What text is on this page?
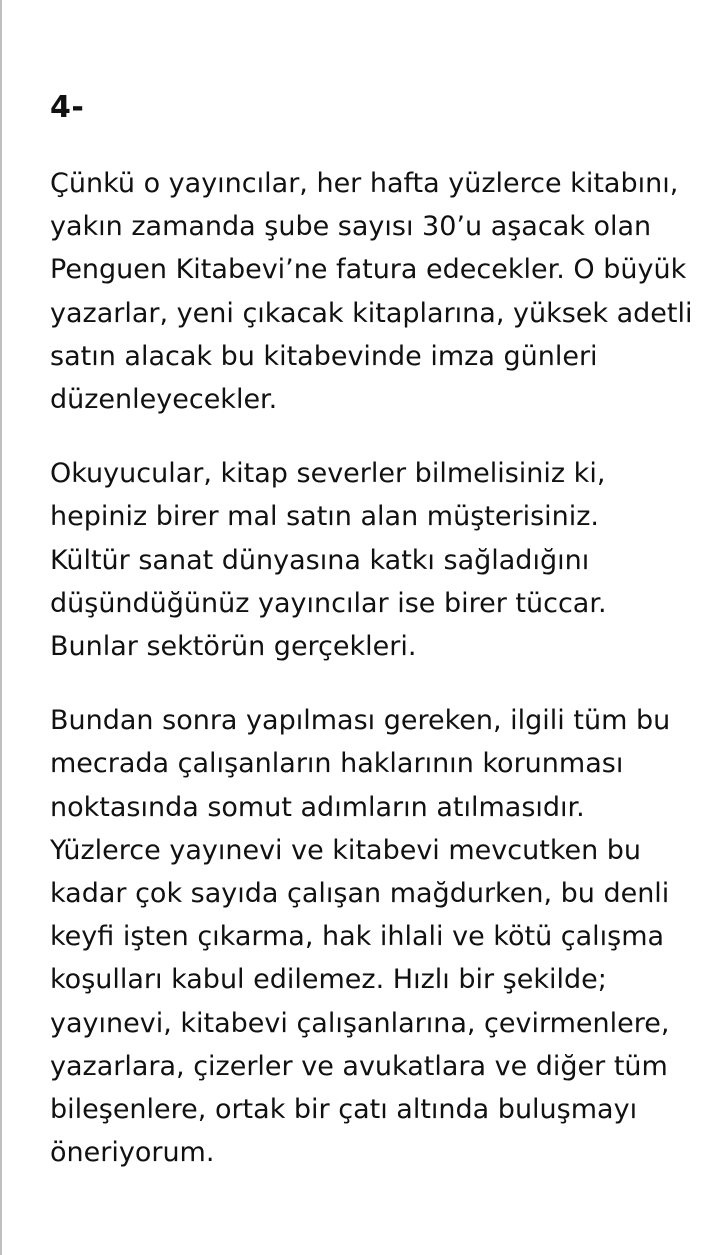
4-

Çünkü o yayıncılar, her hafta yüzlerce kitabını,
yakın zamanda şube sayısı 30’u aşacak olan
Penguen Kitabevi’ne fatura edecekler. O büyük
yazarlar, yeni çıkacak kitaplarına, yüksek adetli
satın alacak bu kitabevinde imza günleri
düzenleyecekler.

Okuyucular, kitap severler bilmelisiniz ki,
hepiniz birer mal satın alan müşterisiniz.
Kültür sanat dünyasına katkı sağladığını
düşündüğünüz yayıncılar ise birer tüccar.
Bunlar sektörün gerçekleri.

Bundan sonra yapılması gereken, ilgili tüm bu
mecrada çalışanların haklarının korunması
noktasında somut adımların atılmasıdır.
Yüzlerce yayınevi ve kitabevi mevcutken bu
kadar çok sayıda çalışan mağdurken, bu denli
keyfi işten çıkarma, hak ihlali ve kötü çalışma
koşulları kabul edilemez. Hızlı bir şekilde;
yayınevi, kitabevi çalışanlarına, çevirmenlere,
yazarlara, çizerler ve avukatlara ve diğer tüm
bileşenlere, ortak bir çatı altında buluşmayı
öneriyorum.
